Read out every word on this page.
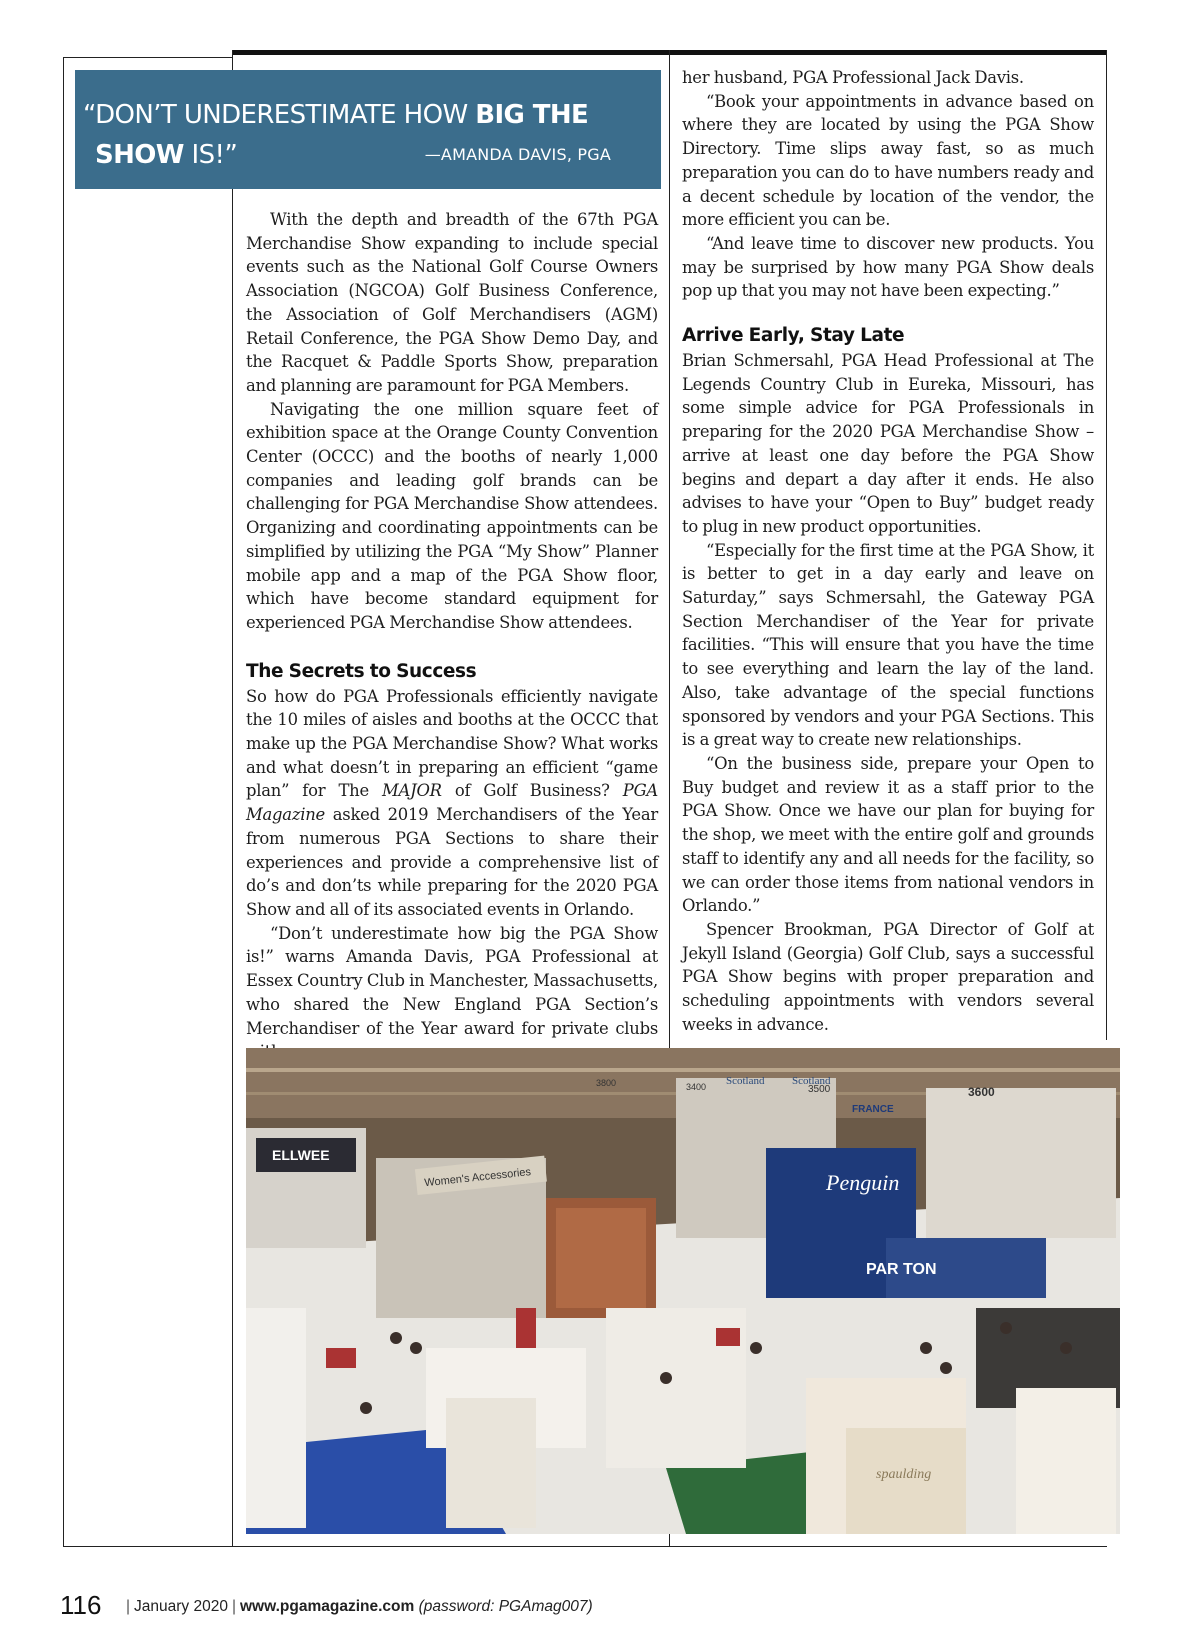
“DON’T UNDERESTIMATE HOW BIG THE
SHOW IS!”	—AMANDA DAVIS, PGA

With the depth and breadth of the 67th PGA Merchandise Show expanding to include special events such as the National Golf Course Owners Association (NGCOA) Golf Business Conference, the Association of Golf Merchandisers (AGM) Retail Conference, the PGA Show Demo Day, and the Racquet & Paddle Sports Show, preparation and planning are paramount for PGA Members.

Navigating the one million square feet of exhibition space at the Orange County Convention Center (OCCC) and the booths of nearly 1,000 companies and leading golf brands can be challenging for PGA Merchandise Show attendees. Organizing and coordinating appointments can be simplified by utilizing the PGA “My Show” Planner mobile app and a map of the PGA Show floor, which have become standard equipment for experienced PGA Merchandise Show attendees.

The Secrets to Success

So how do PGA Professionals efficiently navigate the 10 miles of aisles and booths at the OCCC that make up the PGA Merchandise Show? What works and what doesn’t in preparing an efficient “game plan” for The MAJOR of Golf Business? PGA Magazine asked 2019 Merchandisers of the Year from numerous PGA Sections to share their experiences and provide a comprehensive list of do’s and don’ts while preparing for the 2020 PGA Show and all of its associated events in Orlando.

“Don’t underestimate how big the PGA Show is!” warns Amanda Davis, PGA Professional at Essex Country Club in Manchester, Massachusetts, who shared the New England PGA Section’s Merchandiser of the Year award for private clubs

her husband, PGA Professional Jack Davis.

“Book your appointments in advance based on where they are located by using the PGA Show Directory. Time slips away fast, so as much preparation you can do to have numbers ready and a decent schedule by location of the vendor, the more efficient you can be.

“And leave time to discover new products. You may be surprised by how many PGA Show deals pop up that you may not have been expecting.”

Arrive Early, Stay Late

Brian Schmersahl, PGA Head Professional at The Legends Country Club in Eureka, Missouri, has some simple advice for PGA Professionals in preparing for the 2020 PGA Merchandise Show – arrive at least one day before the PGA Show begins and depart a day after it ends. He also advises to have your “Open to Buy” budget ready to plug in new product opportunities.

“Especially for the first time at the PGA Show, it is better to get in a day early and leave on Saturday,” says Schmersahl, the Gateway PGA Section Merchandiser of the Year for private facilities. “This will ensure that you have the time to see everything and learn the lay of the land. Also, take advantage of the special functions sponsored by vendors and your PGA Sections. This is a great way to create new relationships.

“On the business side, prepare your Open to Buy budget and review it as a staff prior to the PGA Show. Once we have our plan for buying for the shop, we meet with the entire golf and grounds staff to identify any and all needs for the facility, so we can order those items from national vendors in Orlando.”

Spencer Brookman, PGA Director of Golf at Jekyll Island (Georgia) Golf Club, says a successful PGA Show begins with proper preparation and scheduling appointments with vendors several weeks in advance.

ELLWEE
Women's Accessories	Penguin
Scotland	Scotland
FRANCE
3800	3400	3500	3600
spaulding
PAR TON
116 | January 2020 | www.pgamagazine.com (password: PGAmag007)
